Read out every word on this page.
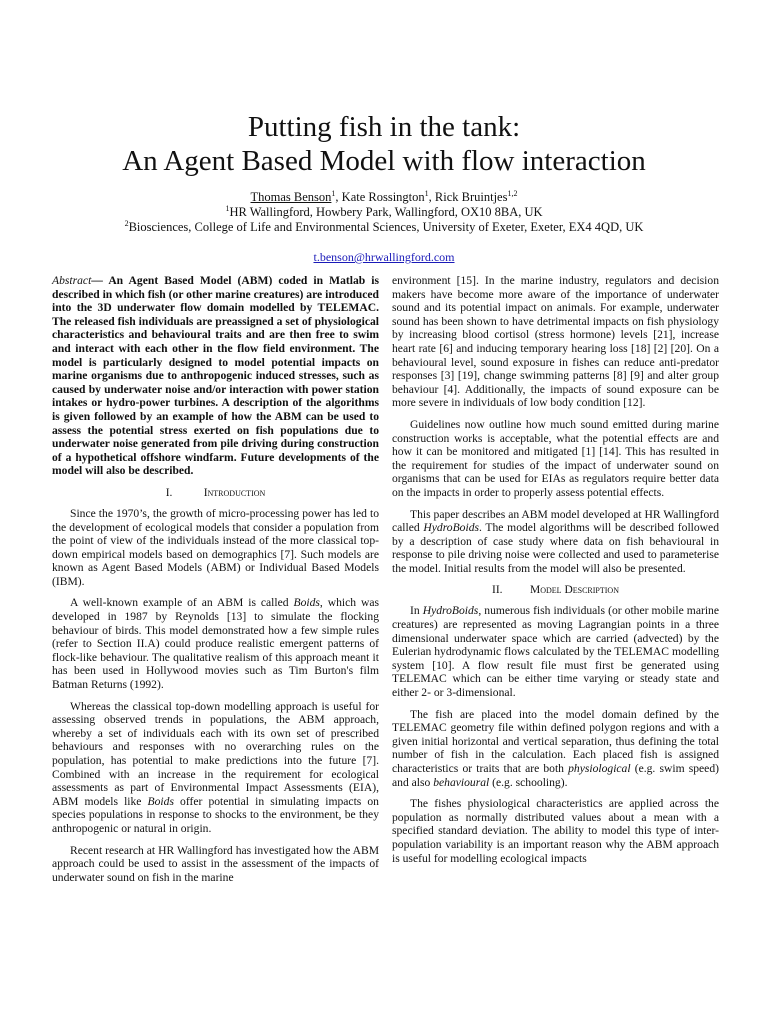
Putting fish in the tank:
An Agent Based Model with flow interaction
Thomas Benson$^1$, Kate Rossington$^1$, Rick Bruintjes$^{1,2}$
$^1$HR Wallingford, Howbery Park, Wallingford, OX10 8BA, UK
$^2$Biosciences, College of Life and Environmental Sciences, University of Exeter, Exeter, EX4 4QD, UK
t.benson@hrwallingford.com

Abstract— An Agent Based Model (ABM) coded in Matlab is described in which fish (or other marine creatures) are introduced into the 3D underwater flow domain modelled by TELEMAC. The released fish individuals are preassigned a set of physiological characteristics and behavioural traits and are then free to swim and interact with each other in the flow field environment. The model is particularly designed to model potential impacts on marine organisms due to anthropogenic induced stresses, such as caused by underwater noise and/or interaction with power station intakes or hydro-power turbines. A description of the algorithms is given followed by an example of how the ABM can be used to assess the potential stress exerted on fish populations due to underwater noise generated from pile driving during construction of a hypothetical offshore windfarm. Future developments of the model will also be described.

I.	Introduction

Since the 1970’s, the growth of micro-processing power has led to the development of ecological models that consider a population from the point of view of the individuals instead of the more classical top-down empirical models based on demographics [7]. Such models are known as Agent Based Models (ABM) or Individual Based Models (IBM).

A well-known example of an ABM is called Boids, which was developed in 1987 by Reynolds [13] to simulate the flocking behaviour of birds. This model demonstrated how a few simple rules (refer to Section II.A) could produce realistic emergent patterns of flock-like behaviour. The qualitative realism of this approach meant it has been used in Hollywood movies such as Tim Burton's film Batman Returns (1992).

Whereas the classical top-down modelling approach is useful for assessing observed trends in populations, the ABM approach, whereby a set of individuals each with its own set of prescribed behaviours and responses with no overarching rules on the population, has potential to make predictions into the future [7]. Combined with an increase in the requirement for ecological assessments as part of Environmental Impact Assessments (EIA), ABM models like Boids offer potential in simulating impacts on species populations in response to shocks to the environment, be they anthropogenic or natural in origin.

Recent research at HR Wallingford has investigated how the ABM approach could be used to assist in the assessment of the impacts of underwater sound on fish in the marine

environment [15]. In the marine industry, regulators and decision makers have become more aware of the importance of underwater sound and its potential impact on animals. For example, underwater sound has been shown to have detrimental impacts on fish physiology by increasing blood cortisol (stress hormone) levels [21], increase heart rate [6] and inducing temporary hearing loss [18] [2] [20]. On a behavioural level, sound exposure in fishes can reduce anti-predator responses [3] [19], change swimming patterns [8] [9] and alter group behaviour [4]. Additionally, the impacts of sound exposure can be more severe in individuals of low body condition [12].

Guidelines now outline how much sound emitted during marine construction works is acceptable, what the potential effects are and how it can be monitored and mitigated [1] [14]. This has resulted in the requirement for studies of the impact of underwater sound on organisms that can be used for EIAs as regulators require better data on the impacts in order to properly assess potential effects.

This paper describes an ABM model developed at HR Wallingford called HydroBoids. The model algorithms will be described followed by a description of case study where data on fish behavioural in response to pile driving noise were collected and used to parameterise the model. Initial results from the model will also be presented.

II.	Model Description

In HydroBoids, numerous fish individuals (or other mobile marine creatures) are represented as moving Lagrangian points in a three dimensional underwater space which are carried (advected) by the Eulerian hydrodynamic flows calculated by the TELEMAC modelling system [10]. A flow result file must first be generated using TELEMAC which can be either time varying or steady state and either 2- or 3-dimensional.

The fish are placed into the model domain defined by the TELEMAC geometry file within defined polygon regions and with a given initial horizontal and vertical separation, thus defining the total number of fish in the calculation. Each placed fish is assigned characteristics or traits that are both physiological (e.g. swim speed) and also behavioural (e.g. schooling).

The fishes physiological characteristics are applied across the population as normally distributed values about a mean with a specified standard deviation. The ability to model this type of inter-population variability is an important reason why the ABM approach is useful for modelling ecological impacts
